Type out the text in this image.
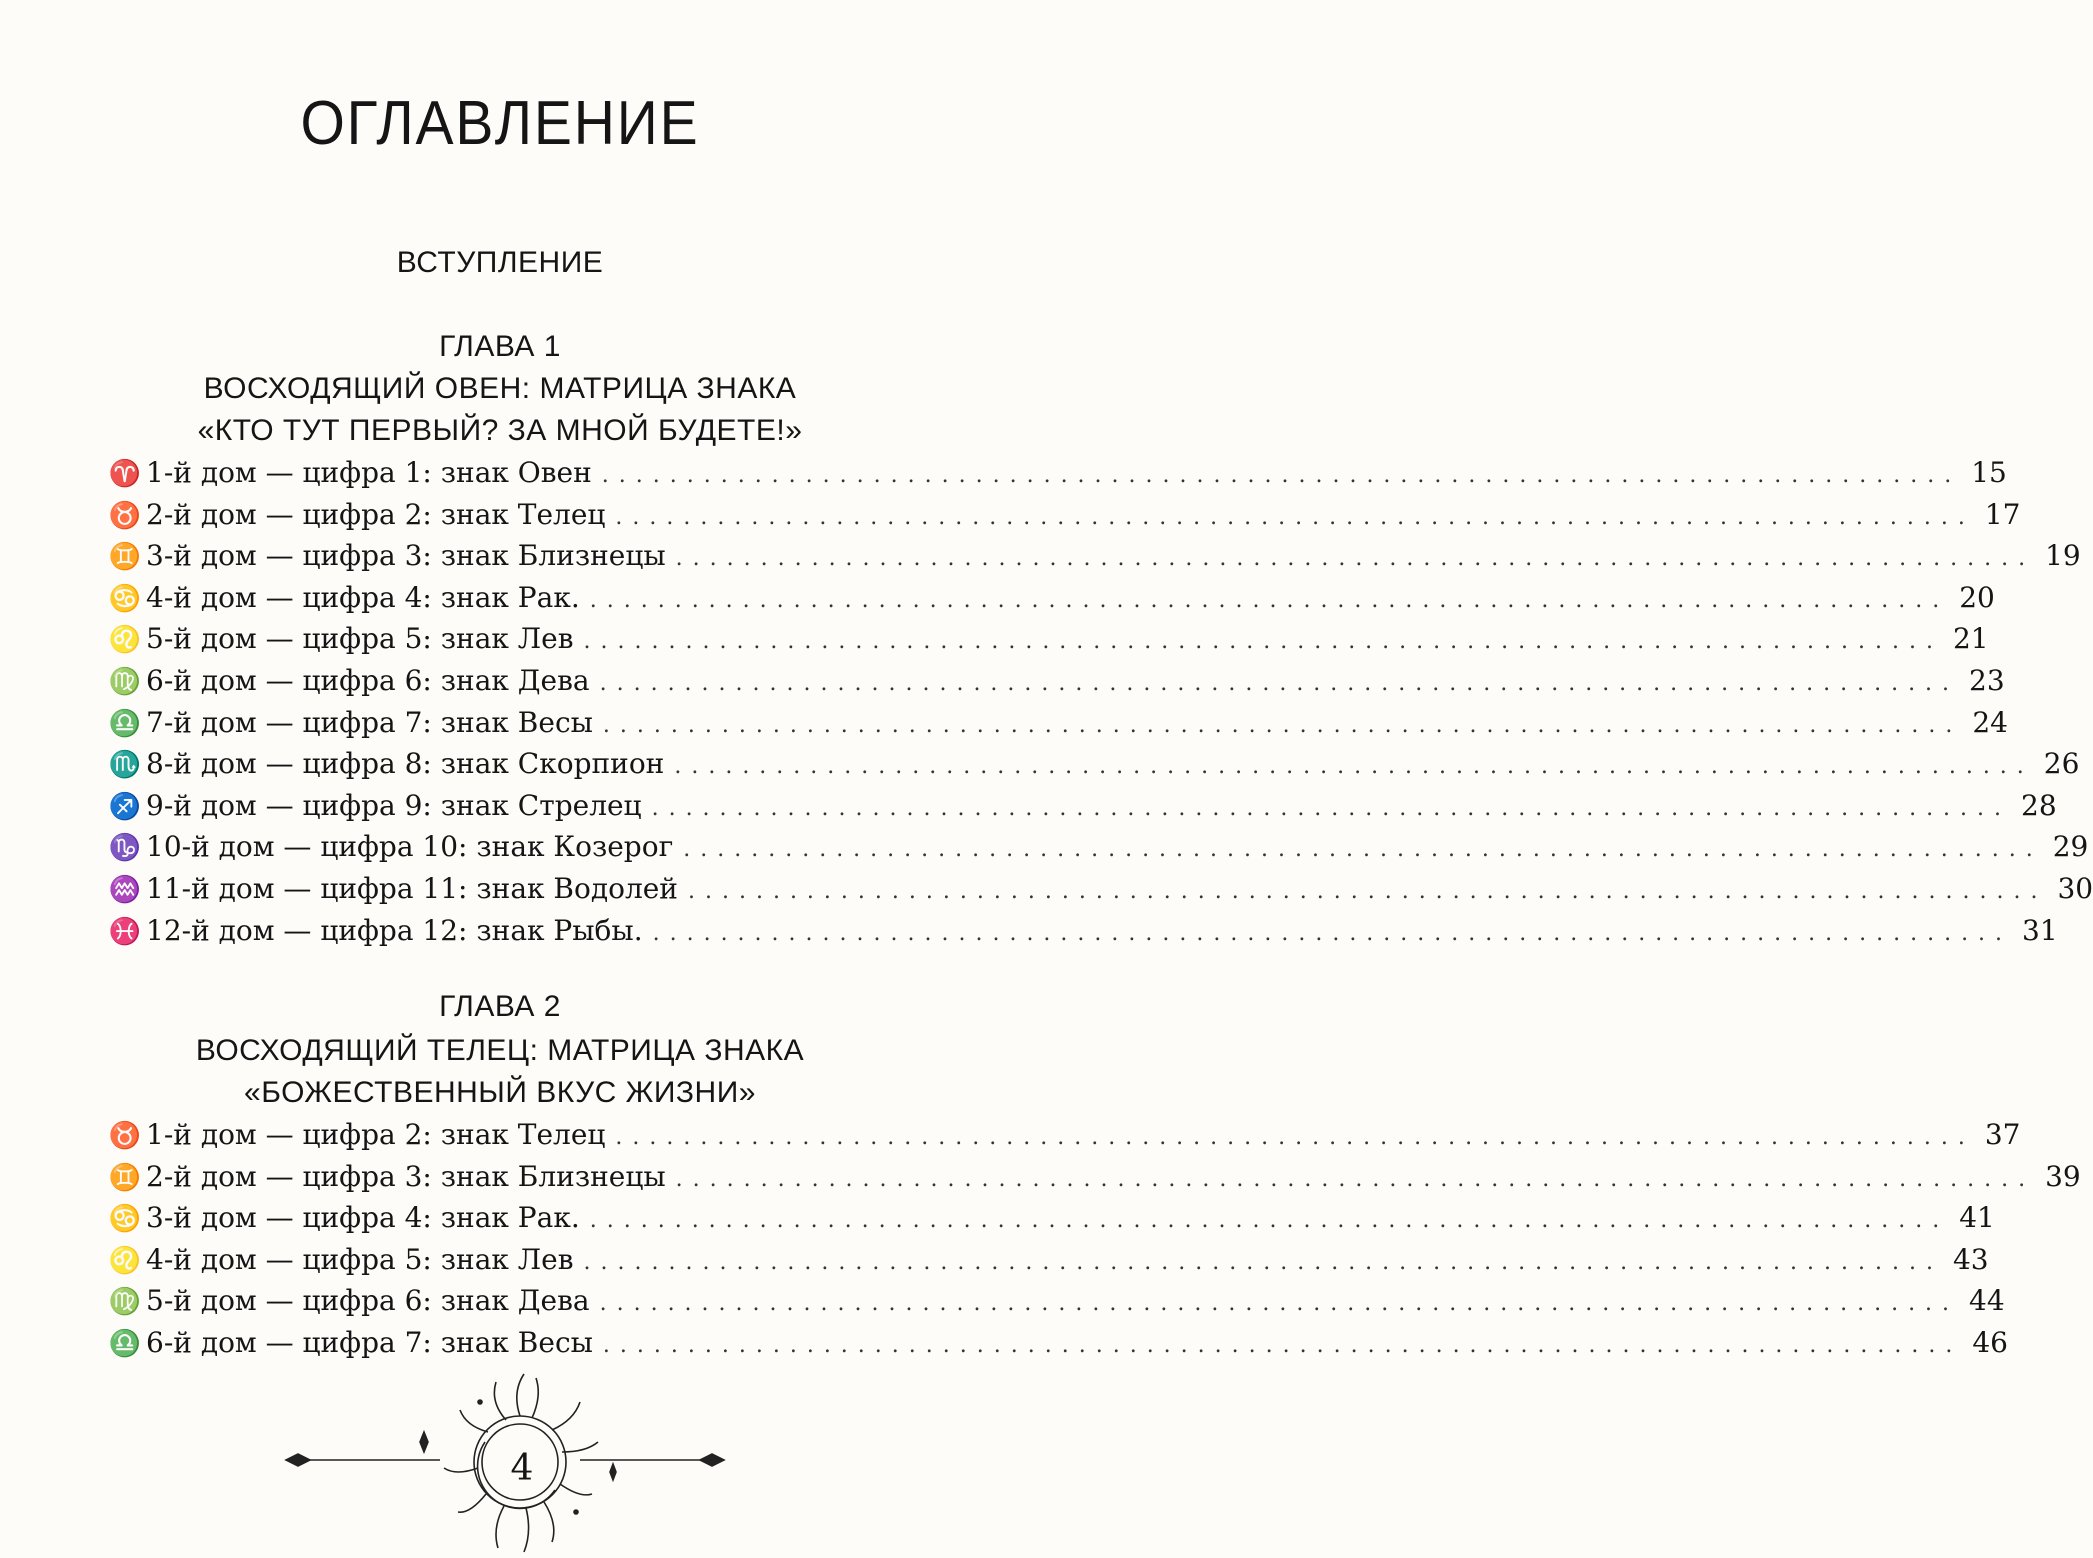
ОГЛАВЛЕНИЕ
ВСТУПЛЕНИЕ
ГЛАВА 1
ВОСХОДЯЩИЙ ОВЕН: МАТРИЦА ЗНАКА
«КТО ТУТ ПЕРВЫЙ? ЗА МНОЙ БУДЕТЕ!»
♈ 1-й дом — цифра 1: знак Овен ................................................................................ 15
♉ 2-й дом — цифра 2: знак Телец ................................................................................ 17
♊ 3-й дом — цифра 3: знак Близнецы ................................................................................ 19
♋ 4-й дом — цифра 4: знак Рак. ................................................................................ 20
♌ 5-й дом — цифра 5: знак Лев ................................................................................ 21
♍ 6-й дом — цифра 6: знак Дева ................................................................................ 23
♎ 7-й дом — цифра 7: знак Весы ................................................................................ 24
♏ 8-й дом — цифра 8: знак Скорпион ................................................................................ 26
♐ 9-й дом — цифра 9: знак Стрелец ................................................................................ 28
♑ 10-й дом — цифра 10: знак Козерог ................................................................................ 29
♒ 11-й дом — цифра 11: знак Водолей ................................................................................ 30
♓ 12-й дом — цифра 12: знак Рыбы. ................................................................................ 31
ГЛАВА 2
ВОСХОДЯЩИЙ ТЕЛЕЦ: МАТРИЦА ЗНАКА
«БОЖЕСТВЕННЫЙ ВКУС ЖИЗНИ»
♉ 1-й дом — цифра 2: знак Телец ................................................................................ 37
♊ 2-й дом — цифра 3: знак Близнецы ................................................................................ 39
♋ 3-й дом — цифра 4: знак Рак. ................................................................................ 41
♌ 4-й дом — цифра 5: знак Лев ................................................................................ 43
♍ 5-й дом — цифра 6: знак Дева ................................................................................ 44
♎ 6-й дом — цифра 7: знак Весы ................................................................................ 46
4
